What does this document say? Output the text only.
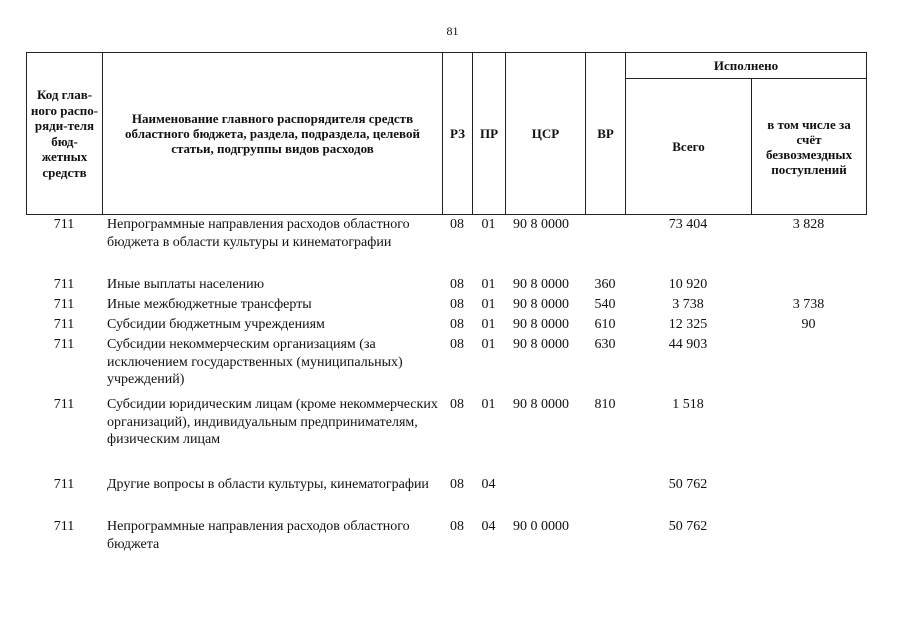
81
Код глав-ного распо-ряди-теля бюд-жетных средств	Наименование главного распорядителя средств областного бюджета, раздела, подраздела, целевой статьи, подгруппы видов расходов	РЗ	ПР	ЦСР	ВР	Исполнено	
						Всего	в том числе за счёт безвозмездных поступлений
711	Непрограммные направления расходов областного бюджета в области культуры и кинематографии	08	01	90 8 0000		73 404	3 828
711	Иные выплаты населению	08	01	90 8 0000	360	10 920	
711	Иные межбюджетные трансферты	08	01	90 8 0000	540	3 738	3 738
711	Субсидии бюджетным учреждениям	08	01	90 8 0000	610	12 325	90
711	Субсидии некоммерческим организациям (за исключением государственных (муниципальных) учреждений)	08	01	90 8 0000	630	44 903	
711	Субсидии юридическим лицам (кроме некоммерческих организаций), индивидуальным предпринимателям, физическим лицам	08	01	90 8 0000	810	1 518	
711	Другие вопросы в области культуры, кинематографии	08	04			50 762	
711	Непрограммные направления расходов областного бюджета	08	04	90 0 0000		50 762	
